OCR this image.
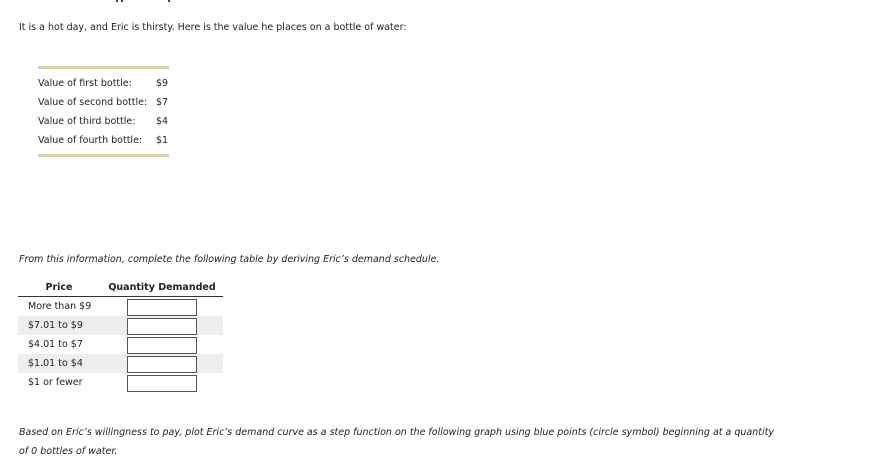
It is a hot day, and Eric is thirsty. Here is the value he places on a bottle of water:
Value of first bottle:	$9
Value of second bottle: $7
Value of third bottle: $4
Value of fourth bottle: $1
From this information, complete the following table by deriving Eric’s demand schedule.
Price	Quantity Demanded
More than $9
$7.01 to $9
$4.01 to $7
$1.01 to $4
$1 or fewer
Based on Eric’s willingness to pay, plot Eric’s demand curve as a step function on the following graph using blue points (circle symbol) beginning at a quantity of 0 bottles of water.
